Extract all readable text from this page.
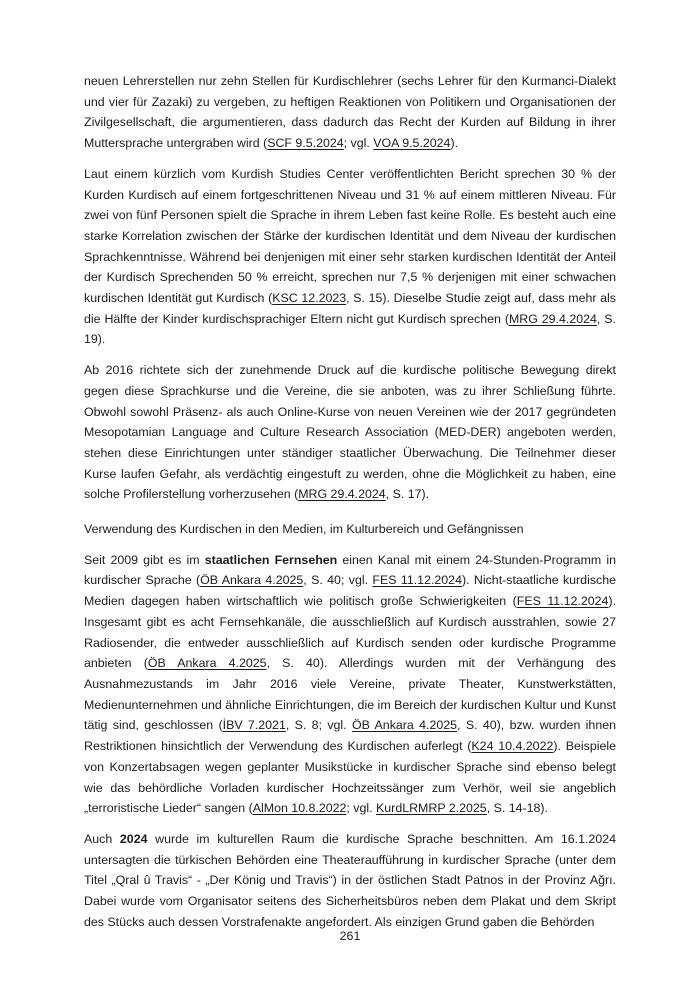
neuen Lehrerstellen nur zehn Stellen für Kurdischlehrer (sechs Lehrer für den Kurmanci-Dialekt und vier für Zazaki) zu vergeben, zu heftigen Reaktionen von Politikern und Organisationen der Zivilgesellschaft, die argumentieren, dass dadurch das Recht der Kurden auf Bildung in ihrer Muttersprache untergraben wird (SCF 9.5.2024; vgl. VOA 9.5.2024).

Laut einem kürzlich vom Kurdish Studies Center veröffentlichten Bericht sprechen 30 % der Kurden Kurdisch auf einem fortgeschrittenen Niveau und 31 % auf einem mittleren Niveau. Für zwei von fünf Personen spielt die Sprache in ihrem Leben fast keine Rolle. Es besteht auch eine starke Korrelation zwischen der Stärke der kurdischen Identität und dem Niveau der kurdischen Sprachkenntnisse. Während bei denjenigen mit einer sehr starken kurdischen Identität der Anteil der Kurdisch Sprechenden 50 % erreicht, sprechen nur 7,5 % derjenigen mit einer schwachen kurdischen Identität gut Kurdisch (KSC 12.2023, S. 15). Dieselbe Studie zeigt auf, dass mehr als die Hälfte der Kinder kurdischsprachiger Eltern nicht gut Kurdisch sprechen (MRG 29.4.2024, S. 19).

Ab 2016 richtete sich der zunehmende Druck auf die kurdische politische Bewegung direkt gegen diese Sprachkurse und die Vereine, die sie anboten, was zu ihrer Schließung führte. Obwohl sowohl Präsenz- als auch Online-Kurse von neuen Vereinen wie der 2017 gegründeten Mesopotamian Language and Culture Research Association (MED-DER) angeboten werden, stehen diese Einrichtungen unter ständiger staatlicher Überwachung. Die Teilnehmer dieser Kurse laufen Gefahr, als verdächtig eingestuft zu werden, ohne die Möglichkeit zu haben, eine solche Profilerstellung vorherzusehen (MRG 29.4.2024, S. 17).

Verwendung des Kurdischen in den Medien, im Kulturbereich und Gefängnissen

Seit 2009 gibt es im staatlichen Fernsehen einen Kanal mit einem 24-Stunden-Programm in kurdischer Sprache (ÖB Ankara 4.2025, S. 40; vgl. FES 11.12.2024). Nicht-staatliche kurdische Medien dagegen haben wirtschaftlich wie politisch große Schwierigkeiten (FES 11.12.2024). Insgesamt gibt es acht Fernsehkanäle, die ausschließlich auf Kurdisch ausstrahlen, sowie 27 Radiosender, die entweder ausschließlich auf Kurdisch senden oder kurdische Programme anbieten (ÖB Ankara 4.2025, S. 40). Allerdings wurden mit der Verhängung des Ausnahmezustands im Jahr 2016 viele Vereine, private Theater, Kunstwerkstätten, Medienunternehmen und ähnliche Einrichtungen, die im Bereich der kurdischen Kultur und Kunst tätig sind, geschlossen (İBV 7.2021, S. 8; vgl. ÖB Ankara 4.2025, S. 40), bzw. wurden ihnen Restriktionen hinsichtlich der Verwendung des Kurdischen auferlegt (K24 10.4.2022). Beispiele von Konzertabsagen wegen geplanter Musikstücke in kurdischer Sprache sind ebenso belegt wie das behördliche Vorladen kurdischer Hochzeitssänger zum Verhör, weil sie angeblich „terroristische Lieder“ sangen (AlMon 10.8.2022; vgl. KurdLRMRP 2.2025, S. 14-18).

Auch 2024 wurde im kulturellen Raum die kurdische Sprache beschnitten. Am 16.1.2024 untersagten die türkischen Behörden eine Theateraufführung in kurdischer Sprache (unter dem Titel „Qral û Travis“ - „Der König und Travis“) in der östlichen Stadt Patnos in der Provinz Ağrı. Dabei wurde vom Organisator seitens des Sicherheitsbüros neben dem Plakat und dem Skript des Stücks auch dessen Vorstrafenakte angefordert. Als einzigen Grund gaben die Behörden

261
